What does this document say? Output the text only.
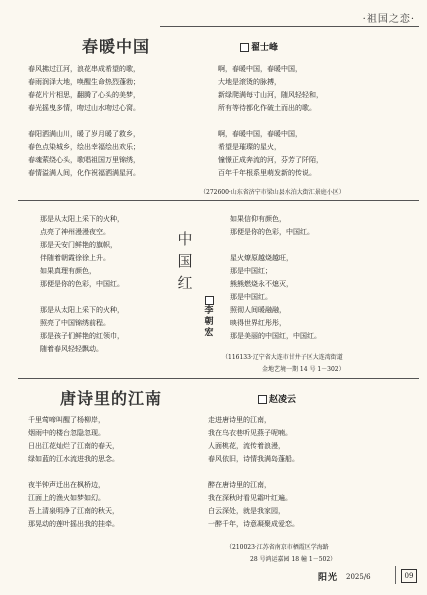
·祖国之恋·
春暖中国	翟士峰
春风拂过江河，浪花串成希望的歌，
春雨润泽大地，唤醒生命热烈蓬勃；
春花片片相思，翻腾了心头的美梦，
春光摇曳多情，吻过山水吻过心窝。
春阳洒满山川，暖了岁月暖了救乡，
春色点染城乡，绘出幸福绘出欢乐；
春魂萦绕心头，歌唱祖国万里锦绣，
春情溢满人间，化作祝福洒满星河。
啊，春暖中国，春暖中国，
大地是滚烫的脉搏，
新绿爬满每寸山河，随风轻轻和，
所有等待都化作破土而出的歌。
啊，春暖中国，春暖中国，
希望是璀璨的星火，
憧憬正成奔流的河，芬芳了阡陌，
百年千年根系里萌发新的传说。
（272600·山东省济宁市梁山县水泊大街汇景庭小区）
那是从太阳上采下的火种，
点亮了神州漫漫夜空。
那是天安门鲜艳的旗帜，
伴随着朝霞徐徐上升。
如果真理有颜色，
那便是你的色彩，中国红。
那是从太阳上采下的火种，
照亮了中国锦绣前程。
那是孩子们鲜艳的红领巾，
随着春风轻轻飘动。
中
国
红
李
朝
宏
如果信仰有颜色，
那便是你的色彩，中国红。
星火燎原越烧越旺，
那是中国红；
熊熊燃烧永不熄灭，
那是中国红。
照彻人间暖融融，
映得世界红彤彤，
那是美丽的中国红，中国红。
（116133·辽宁省大连市甘井子区大连湾街道
金地艺境一期 14 号 1－302）
唐诗里的江南	赵凌云
千里莺啼叫醒了杨柳岸，
烟雨中的楼台忽隐忽现。
日出江花灿烂了江南的春天，
绿如蓝的江水流进我的思念。
夜半钟声迁出在枫桥边，
江面上的渔火如梦如幻。
吾上清泉明净了江南的秋天，
那晃动的莲叶摇出我的挂牵。
走进唐诗里的江南，
我在乌衣巷听见燕子呢喃。
人面桃花，流传着浪漫，
春风依旧，诗情我满岛蓬船。
醉在唐诗里的江南，
我在深秋时看见霜叶红遍。
白云深处，就是我家园，
一醉千年，诗意凝聚成爱恋。
（210023·江苏省南京市栖霞区学海路
28 号鸿运嘉园 18 幢 1－502）
阳光 2025/6	09
